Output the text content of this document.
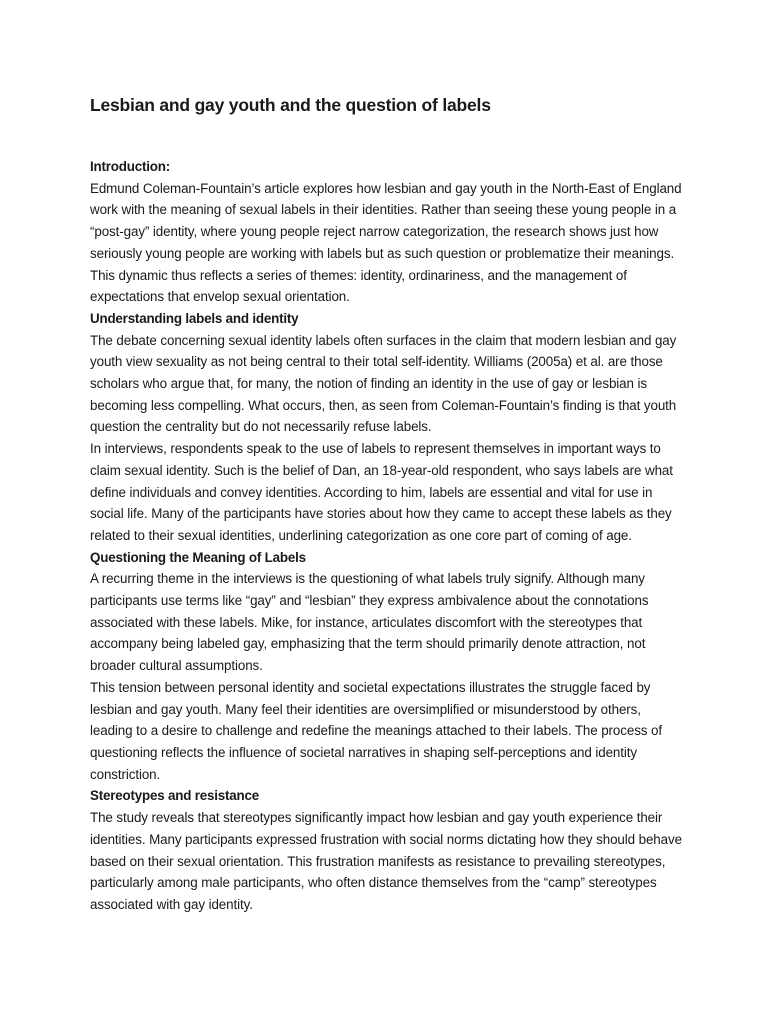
Lesbian and gay youth and the question of labels
Introduction:

Edmund Coleman-Fountain’s article explores how lesbian and gay youth in the North-East of England work with the meaning of sexual labels in their identities. Rather than seeing these young people in a “post-gay” identity, where young people reject narrow categorization, the research shows just how seriously young people are working with labels but as such question or problematize their meanings. This dynamic thus reflects a series of themes: identity, ordinariness, and the management of expectations that envelop sexual orientation.

Understanding labels and identity

The debate concerning sexual identity labels often surfaces in the claim that modern lesbian and gay youth view sexuality as not being central to their total self-identity. Williams (2005a) et al. are those scholars who argue that, for many, the notion of finding an identity in the use of gay or lesbian is becoming less compelling. What occurs, then, as seen from Coleman-Fountain’s finding is that youth question the centrality but do not necessarily refuse labels.

In interviews, respondents speak to the use of labels to represent themselves in important ways to claim sexual identity. Such is the belief of Dan, an 18-year-old respondent, who says labels are what define individuals and convey identities. According to him, labels are essential and vital for use in social life. Many of the participants have stories about how they came to accept these labels as they related to their sexual identities, underlining categorization as one core part of coming of age.

Questioning the Meaning of Labels

A recurring theme in the interviews is the questioning of what labels truly signify. Although many participants use terms like “gay” and “lesbian” they express ambivalence about the connotations associated with these labels. Mike, for instance, articulates discomfort with the stereotypes that accompany being labeled gay, emphasizing that the term should primarily denote attraction, not broader cultural assumptions.

This tension between personal identity and societal expectations illustrates the struggle faced by lesbian and gay youth. Many feel their identities are oversimplified or misunderstood by others, leading to a desire to challenge and redefine the meanings attached to their labels. The process of questioning reflects the influence of societal narratives in shaping self-perceptions and identity constriction.

Stereotypes and resistance

The study reveals that stereotypes significantly impact how lesbian and gay youth experience their identities. Many participants expressed frustration with social norms dictating how they should behave based on their sexual orientation. This frustration manifests as resistance to prevailing stereotypes, particularly among male participants, who often distance themselves from the “camp” stereotypes associated with gay identity.
